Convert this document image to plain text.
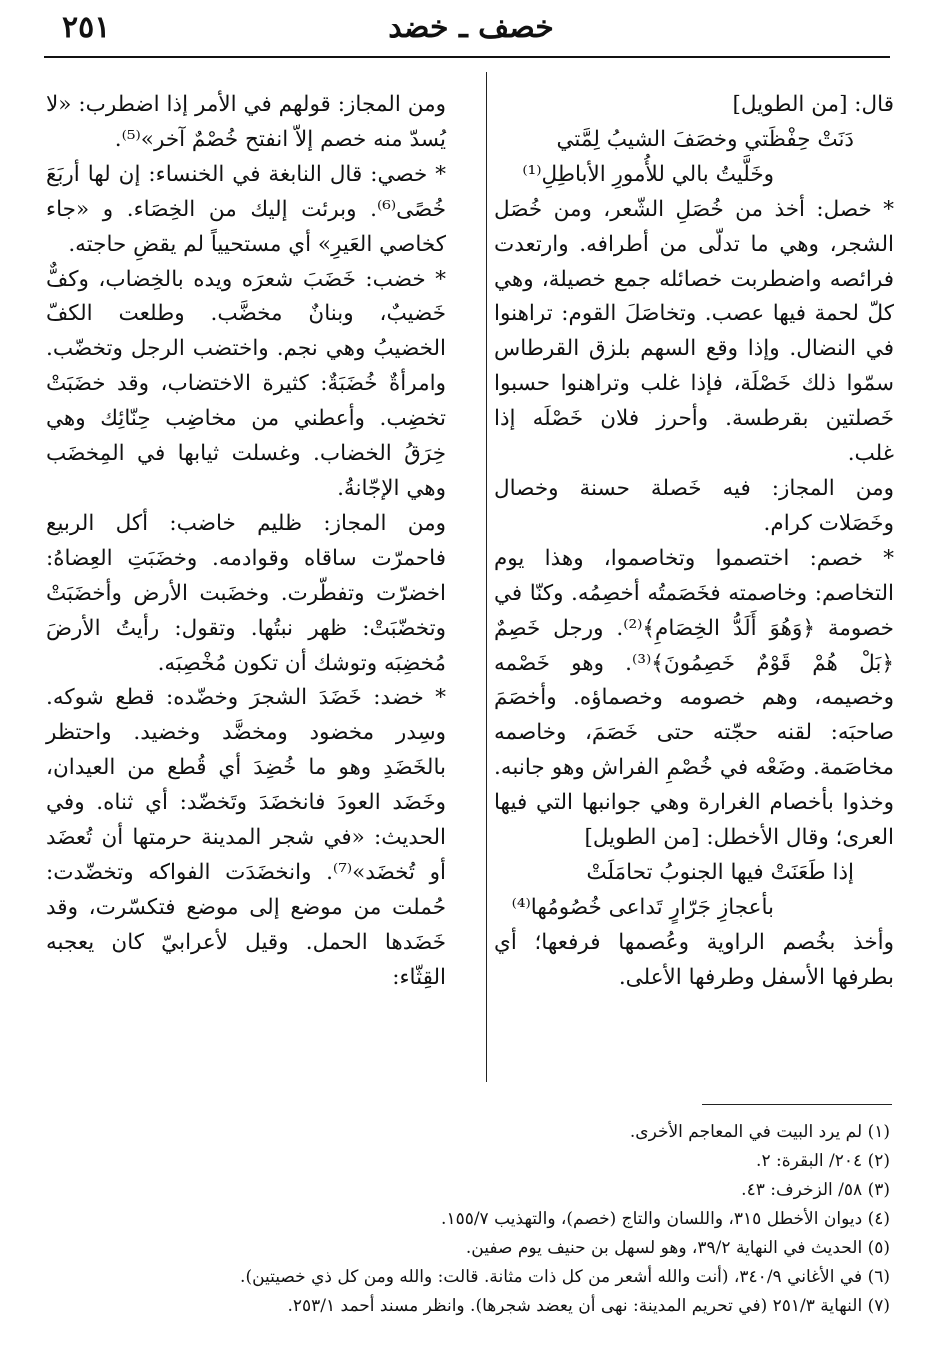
٢٥١	خصف ـ خضد

قال: [من الطويل]

دَنَتْ حِفْظَتي وخصَفَ الشيبُ لِمَّتي

وخَلَّيتُ بالي للأُمورِ الأباطِلِ⁽¹⁾

* خصل: أخذ من خُصَلِ الشّعر، ومن خُصَل الشجر، وهي ما تدلّى من أطرافه. وارتعدت فرائصه واضطربت خصائله جمع خصيلة، وهي كلّ لحمة فيها عصب. وتخاصَلَ القوم: تراهنوا في النضال. وإذا وقع السهم بلزق القرطاس سمّوا ذلك خَصْلَة، فإذا غلب وتراهنوا حسبوا خَصلتين بقرطسة. وأحرز فلان خَصْلَه إذا غلب.

ومن المجاز: فيه خَصلة حسنة وخصال وخَصَلات كرام.

* خصم: اختصموا وتخاصموا، وهذا يوم التخاصم: وخاصمته فخَصَمتُه أخصِمُه. وكنّا في خصومة ﴿وَهُوَ أَلَدُّ الخِصَامِ﴾⁽²⁾. ورجل خَصِمٌ ﴿بَلْ هُمْ قَوْمٌ خَصِمُونَ﴾⁽³⁾. وهو خَصْمه وخصيمه، وهم خصومه وخصماؤه. وأخصَمَ صاحبَه: لقنه حجّته حتى خَصَمَ، وخاصمه مخاصَمة. وضَعْه في خُصْمِ الفراش وهو جانبه. وخذوا بأخصام الغرارة وهي جوانبها التي فيها العرى؛ وقال الأخطل: [من الطويل]

إذا طَعَنَتْ فيها الجنوبُ تحامَلَتْ

بأعجازِ جَرّارٍ تَداعى خُصُومُها⁽⁴⁾

وأخذ بخُصم الراوية وعُصمها فرفعها؛ أي بطرفها الأسفل وطرفها الأعلى.

ومن المجاز: قولهم في الأمر إذا اضطرب: «لا يُسدّ منه خصم إلاّ انفتح خُصْمٌ آخر»⁽⁵⁾.

* خصي: قال النابغة في الخنساء: إن لها أربَعَ خُصًى⁽⁶⁾. وبرئت إليك من الخِصَاء. و «جاء كخاصي العَيرِ» أي مستحيياً لم يقضِ حاجته.

* خضب: خَضَبَ شعرَه ويده بالخِضاب، وكفٌّ خَضيبٌ، وبنانٌ مخضَّب. وطلعت الكفّ الخضيبُ وهي نجم. واختضب الرجل وتخضّب. وامرأةٌ خُضَبَةٌ: كثيرة الاختضاب، وقد خضَبَتْ تخضِب. وأعطني من مخاضِب حِنّائِك وهي خِرَقُ الخضاب. وغسلت ثيابها في المِخضَب وهي الإجّانةُ.

ومن المجاز: ظليم خاضب: أكل الربيع فاحمرّت ساقاه وقوادمه. وخضَبَتِ العِضاهُ: اخضرّت وتفطّرت. وخضَبت الأرض وأخضَبَتْ وتخضّبَتْ: ظهر نبتُها. وتقول: رأيتُ الأرضَ مُخضِبَه وتوشك أن تكون مُخْصِبَه.

* خضد: خَضَدَ الشجرَ وخضّده: قطع شوكه. وسِدر مخضود ومخضَّد وخضيد. واحتظر بالخَضَدِ وهو ما خُضِدَ أي قُطع من العيدان، وخَضَد العودَ فانخضَدَ وتَخضّد: أي ثناه. وفي الحديث: «في شجر المدينة حرمتها أن تُعضَد أو تُخضَد»⁽⁷⁾. وانخضَدَت الفواكه وتخضّدت: حُملت من موضع إلى موضع فتكسّرت، وقد خَضَدها الحمل. وقيل لأعرابيّ كان يعجبه القِثّاء:

(١) لم يرد البيت في المعاجم الأخرى.
(٢) ٢٠٤/ البقرة: ٢.
(٣) ٥٨/ الزخرف: ٤٣.
(٤) ديوان الأخطل ٣١٥، واللسان والتاج (خصم)، والتهذيب ١٥٥/٧.
(٥) الحديث في النهاية ٣٩/٢، وهو لسهل بن حنيف يوم صفين.
(٦) في الأغاني ٣٤٠/٩، (أنت والله أشعر من كل ذات مثانة. قالت: والله ومن كل ذي خصيتين).
(٧) النهاية ٢٥١/٣ (في تحريم المدينة: نهى أن يعضد شجرها). وانظر مسند أحمد ٢٥٣/١.
